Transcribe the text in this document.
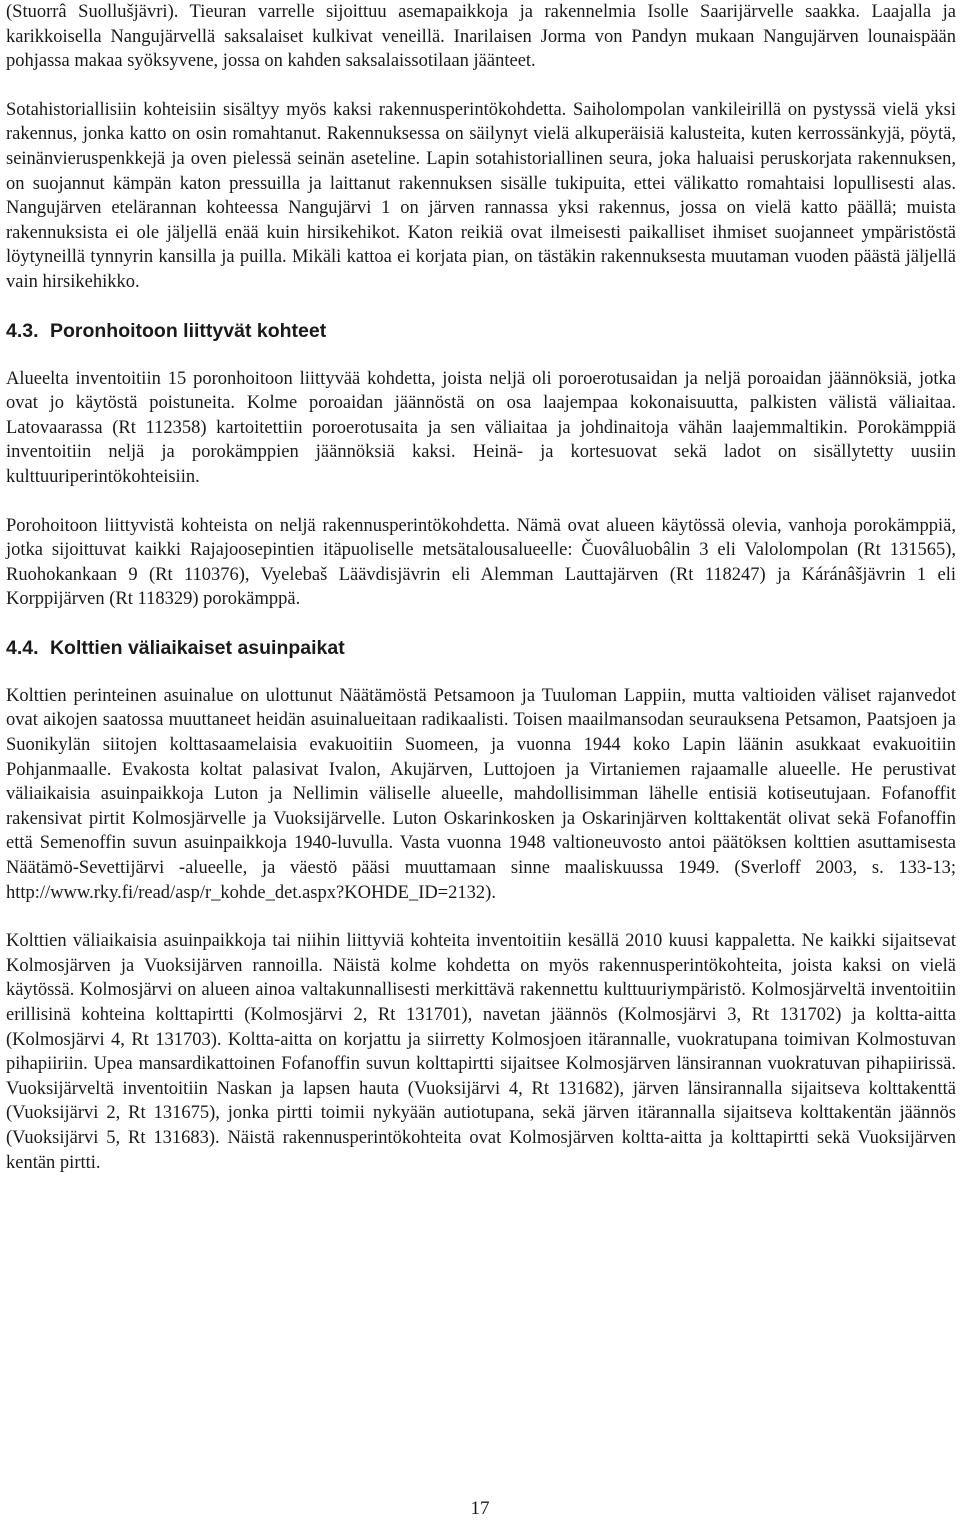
(Stuorrâ Suollušjävri). Tieuran varrelle sijoittuu asemapaikkoja ja rakennelmia Isolle Saarijärvelle saakka. Laajalla ja karikkoisella Nangujärvellä saksalaiset kulkivat veneillä. Inarilaisen Jorma von Pandyn mukaan Nangujärven lounaispään pohjassa makaa syöksyvene, jossa on kahden saksalaissotilaan jäänteet.

Sotahistoriallisiin kohteisiin sisältyy myös kaksi rakennusperintökohdetta. Saiholompolan vankileirillä on pystyssä vielä yksi rakennus, jonka katto on osin romahtanut. Rakennuksessa on säilynyt vielä alkuperäisiä kalusteita, kuten kerrossänkyjä, pöytä, seinänvieruspenkkejä ja oven pielessä seinän aseteline. Lapin sotahistoriallinen seura, joka haluaisi peruskorjata rakennuksen, on suojannut kämpän katon pressuilla ja laittanut rakennuksen sisälle tukipuita, ettei välikatto romahtaisi lopullisesti alas. Nangujärven etelärannan kohteessa Nangujärvi 1 on järven rannassa yksi rakennus, jossa on vielä katto päällä; muista rakennuksista ei ole jäljellä enää kuin hirsikehikot. Katon reikiä ovat ilmeisesti paikalliset ihmiset suojanneet ympäristöstä löytyneillä tynnyrin kansilla ja puilla. Mikäli kattoa ei korjata pian, on tästäkin rakennuksesta muutaman vuoden päästä jäljellä vain hirsikehikko.

4.3. Poronhoitoon liittyvät kohteet

Alueelta inventoitiin 15 poronhoitoon liittyvää kohdetta, joista neljä oli poroerotusaidan ja neljä poroaidan jäännöksiä, jotka ovat jo käytöstä poistuneita. Kolme poroaidan jäännöstä on osa laajempaa kokonaisuutta, palkisten välistä väliaitaa. Latovaarassa (Rt 112358) kartoitettiin poroerotusaita ja sen väliaitaa ja johdinaitoja vähän laajemmaltikin. Porokämppiä inventoitiin neljä ja porokämppien jäännöksiä kaksi. Heinä- ja kortesuovat sekä ladot on sisällytetty uusiin kulttuuriperintökohteisiin.

Porohoitoon liittyvistä kohteista on neljä rakennusperintökohdetta. Nämä ovat alueen käytössä olevia, vanhoja porokämppiä, jotka sijoittuvat kaikki Rajajoosepintien itäpuoliselle metsätalousalueelle: Čuovâluobâlin 3 eli Valolompolan (Rt 131565), Ruohokankaan 9 (Rt 110376), Vyelebaš Läävdisjävrin eli Alemman Lauttajärven (Rt 118247) ja Káránâšjävrin 1 eli Korppijärven (Rt 118329) porokämppä.

4.4. Kolttien väliaikaiset asuinpaikat

Kolttien perinteinen asuinalue on ulottunut Näätämöstä Petsamoon ja Tuuloman Lappiin, mutta valtioiden väliset rajanvedot ovat aikojen saatossa muuttaneet heidän asuinalueitaan radikaalisti. Toisen maailmansodan seurauksena Petsamon, Paatsjoen ja Suonikylän siitojen kolttasaamelaisia evakuoitiin Suomeen, ja vuonna 1944 koko Lapin läänin asukkaat evakuoitiin Pohjanmaalle. Evakosta koltat palasivat Ivalon, Akujärven, Luttojoen ja Virtaniemen rajaamalle alueelle. He perustivat väliaikaisia asuinpaikkoja Luton ja Nellimin väliselle alueelle, mahdollisimman lähelle entisiä kotiseutujaan. Fofanoffit rakensivat pirtit Kolmosjärvelle ja Vuoksijärvelle. Luton Oskarinkosken ja Oskarinjärven kolttakentät olivat sekä Fofanoffin että Semenoffin suvun asuinpaikkoja 1940-luvulla. Vasta vuonna 1948 valtioneuvosto antoi päätöksen kolttien asuttamisesta Näätämö-Sevettijärvi -alueelle, ja väestö pääsi muuttamaan sinne maaliskuussa 1949. (Sverloff 2003, s. 133-13; http://www.rky.fi/read/asp/r_kohde_det.aspx?KOHDE_ID=2132).

Kolttien väliaikaisia asuinpaikkoja tai niihin liittyviä kohteita inventoitiin kesällä 2010 kuusi kappaletta. Ne kaikki sijaitsevat Kolmosjärven ja Vuoksijärven rannoilla. Näistä kolme kohdetta on myös rakennusperintökohteita, joista kaksi on vielä käytössä. Kolmosjärvi on alueen ainoa valtakunnallisesti merkittävä rakennettu kulttuuriympäristö. Kolmosjärveltä inventoitiin erillisinä kohteina kolttapirtti (Kolmosjärvi 2, Rt 131701), navetan jäännös (Kolmosjärvi 3, Rt 131702) ja koltta-aitta (Kolmosjärvi 4, Rt 131703). Koltta-aitta on korjattu ja siirretty Kolmosjoen itärannalle, vuokratupana toimivan Kolmostuvan pihapiiriin. Upea mansardikattoinen Fofanoffin suvun kolttapirtti sijaitsee Kolmosjärven länsirannan vuokratuvan pihapiirissä. Vuoksijärveltä inventoitiin Naskan ja lapsen hauta (Vuoksijärvi 4, Rt 131682), järven länsirannalla sijaitseva kolttakenttä (Vuoksijärvi 2, Rt 131675), jonka pirtti toimii nykyään autiotupana, sekä järven itärannalla sijaitseva kolttakentän jäännös (Vuoksijärvi 5, Rt 131683). Näistä rakennusperintökohteita ovat Kolmosjärven koltta-aitta ja kolttapirtti sekä Vuoksijärven kentän pirtti.

17
